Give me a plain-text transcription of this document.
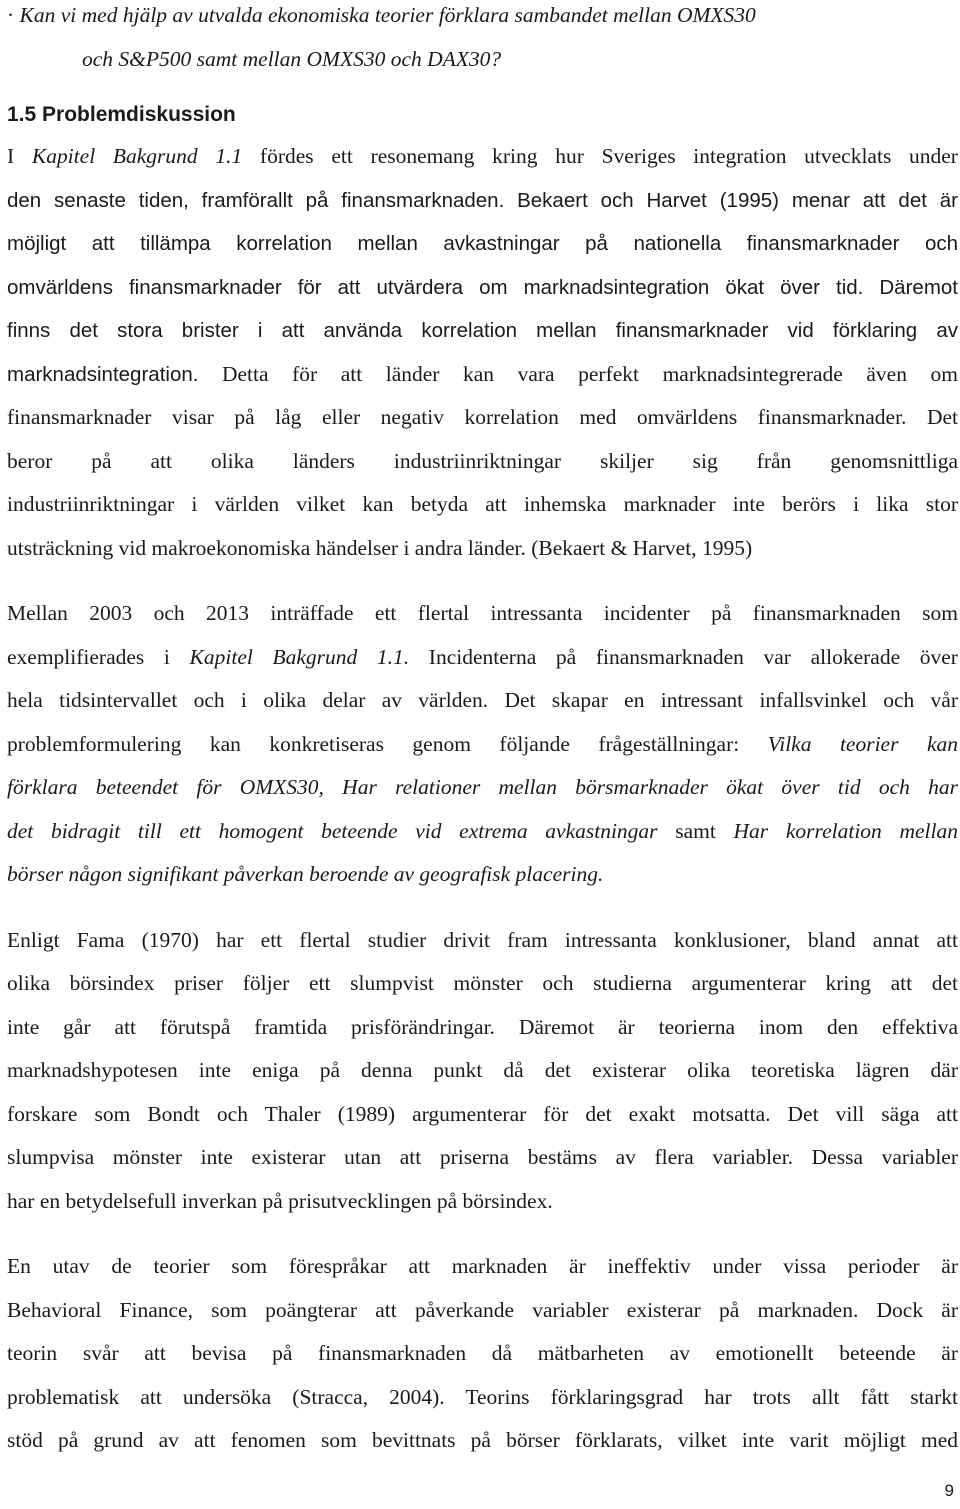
· Kan vi med hjälp av utvalda ekonomiska teorier förklara sambandet mellan OMXS30
och S&P500 samt mellan OMXS30 och DAX30?
1.5 Problemdiskussion
I Kapitel Bakgrund 1.1 fördes ett resonemang kring hur Sveriges integration utvecklats under
den senaste tiden, framförallt på finansmarknaden. Bekaert och Harvet (1995) menar att det är
möjligt att tillämpa korrelation mellan avkastningar på nationella finansmarknader och
omvärldens finansmarknader för att utvärdera om marknadsintegration ökat över tid. Däremot
finns det stora brister i att använda korrelation mellan finansmarknader vid förklaring av
marknadsintegration. Detta för att länder kan vara perfekt marknadsintegrerade även om
finansmarknader visar på låg eller negativ korrelation med omvärldens finansmarknader. Det
beror på att olika länders industriinriktningar skiljer sig från genomsnittliga
industriinriktningar i världen vilket kan betyda att inhemska marknader inte berörs i lika stor
utsträckning vid makroekonomiska händelser i andra länder. (Bekaert & Harvet, 1995)
Mellan 2003 och 2013 inträffade ett flertal intressanta incidenter på finansmarknaden som
exemplifierades i Kapitel Bakgrund 1.1. Incidenterna på finansmarknaden var allokerade över
hela tidsintervallet och i olika delar av världen. Det skapar en intressant infallsvinkel och vår
problemformulering kan konkretiseras genom följande frågeställningar: Vilka teorier kan
förklara beteendet för OMXS30, Har relationer mellan börsmarknader ökat över tid och har
det bidragit till ett homogent beteende vid extrema avkastningar samt Har korrelation mellan
börser någon signifikant påverkan beroende av geografisk placering.
Enligt Fama (1970) har ett flertal studier drivit fram intressanta konklusioner, bland annat att
olika börsindex priser följer ett slumpvist mönster och studierna argumenterar kring att det
inte går att förutspå framtida prisförändringar. Däremot är teorierna inom den effektiva
marknadshypotesen inte eniga på denna punkt då det existerar olika teoretiska lägren där
forskare som Bondt och Thaler (1989) argumenterar för det exakt motsatta. Det vill säga att
slumpvisa mönster inte existerar utan att priserna bestäms av flera variabler. Dessa variabler
har en betydelsefull inverkan på prisutvecklingen på börsindex.
En utav de teorier som förespråkar att marknaden är ineffektiv under vissa perioder är
Behavioral Finance, som poängterar att påverkande variabler existerar på marknaden. Dock är
teorin svår att bevisa på finansmarknaden då mätbarheten av emotionellt beteende är
problematisk att undersöka (Stracca, 2004). Teorins förklaringsgrad har trots allt fått starkt
stöd på grund av att fenomen som bevittnats på börser förklarats, vilket inte varit möjligt med
9
